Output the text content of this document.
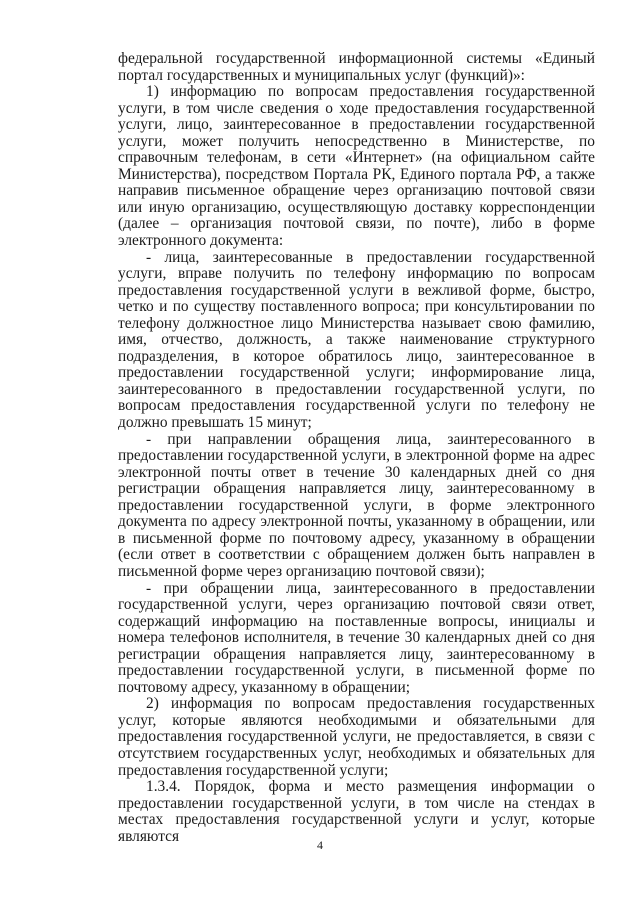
федеральной государственной информационной системы «Единый портал государственных и муниципальных услуг (функций)»:

1) информацию по вопросам предоставления государственной услуги, в том числе сведения о ходе предоставления государственной услуги, лицо, заинтересованное в предоставлении государственной услуги, может получить непосредственно в Министерстве, по справочным телефонам, в сети «Интернет» (на официальном сайте Министерства), посредством Портала РК, Единого портала РФ, а также направив письменное обращение через организацию почтовой связи или иную организацию, осуществляющую доставку корреспонденции (далее – организация почтовой связи, по почте), либо в форме электронного документа:

- лица, заинтересованные в предоставлении государственной услуги, вправе получить по телефону информацию по вопросам предоставления государственной услуги в вежливой форме, быстро, четко и по существу поставленного вопроса; при консультировании по телефону должностное лицо Министерства называет свою фамилию, имя, отчество, должность, а также наименование структурного подразделения, в которое обратилось лицо, заинтересованное в предоставлении государственной услуги; информирование лица, заинтересованного в предоставлении государственной услуги, по вопросам предоставления государственной услуги по телефону не должно превышать 15 минут;

- при направлении обращения лица, заинтересованного в предоставлении государственной услуги, в электронной форме на адрес электронной почты ответ в течение 30 календарных дней со дня регистрации обращения направляется лицу, заинтересованному в предоставлении государственной услуги, в форме электронного документа по адресу электронной почты, указанному в обращении, или в письменной форме по почтовому адресу, указанному в обращении (если ответ в соответствии с обращением должен быть направлен в письменной форме через организацию почтовой связи);

- при обращении лица, заинтересованного в предоставлении государственной услуги, через организацию почтовой связи ответ, содержащий информацию на поставленные вопросы, инициалы и номера телефонов исполнителя, в течение 30 календарных дней со дня регистрации обращения направляется лицу, заинтересованному в предоставлении государственной услуги, в письменной форме по почтовому адресу, указанному в обращении;

2) информация по вопросам предоставления государственных услуг, которые являются необходимыми и обязательными для предоставления государственной услуги, не предоставляется, в связи с отсутствием государственных услуг, необходимых и обязательных для предоставления государственной услуги;

1.3.4. Порядок, форма и место размещения информации о предоставлении государственной услуги, в том числе на стендах в местах предоставления государственной услуги и услуг, которые являются

4
